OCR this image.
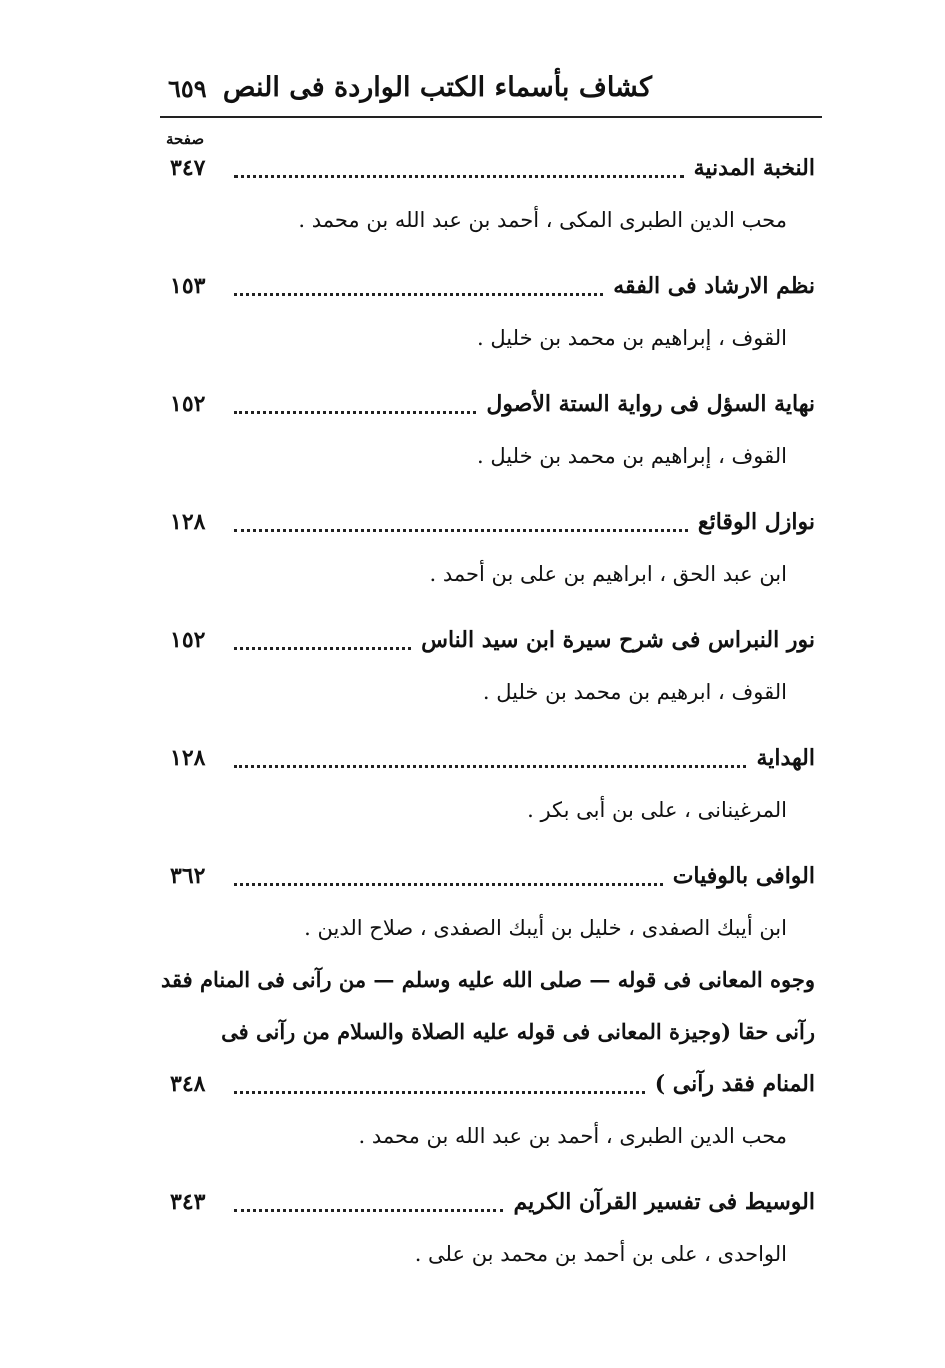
كشاف بأسماء الكتب الواردة فى النص
٦٥٩
صفحة
النخبة المدنية
٣٤٧
محب الدين الطبرى المكى ، أحمد بن عبد الله بن محمد .
نظم الارشاد فى الفقه
١٥٣
القوف ، إبراهيم بن محمد بن خليل .
نهاية السؤل فى رواية الستة الأصول
١٥٢
القوف ، إبراهيم بن محمد بن خليل .
نوازل الوقائع
١٢٨
ابن عبد الحق ، ابراهيم بن على بن أحمد .
نور النبراس فى شرح سيرة ابن سيد الناس
١٥٢
القوف ، ابرهيم بن محمد بن خليل .
الهداية
١٢٨
المرغينانى ، على بن أبى بكر .
الوافى بالوفيات
٣٦٢
ابن أيبك الصفدى ، خليل بن أيبك الصفدى ، صلاح الدين .
وجوه المعانى فى قوله — صلى الله عليه وسلم — من رآنى فى المنام فقد
رآنى حقا (وجيزة المعانى فى قوله عليه الصلاة والسلام من رآنى فى
المنام فقد رآنى )
٣٤٨
محب الدين الطبرى ، أحمد بن عبد الله بن محمد .
الوسيط فى تفسير القرآن الكريم
٣٤٣
الواحدى ، على بن أحمد بن محمد بن على .
